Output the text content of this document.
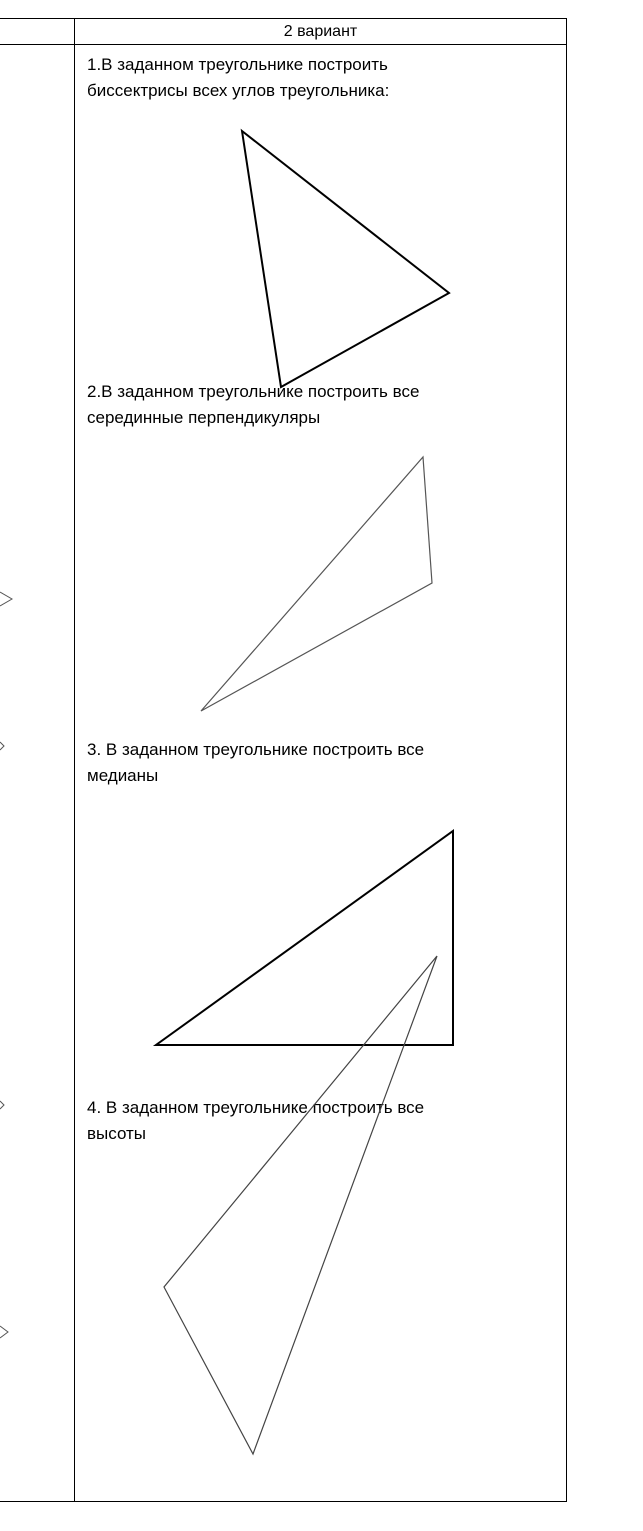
2 вариант
1.В заданном треугольнике построить
биссектрисы всех углов треугольника:
2.В заданном треугольнике построить все
серединные перпендикуляры
3. В заданном треугольнике построить все
медианы
4. В заданном треугольнике построить все
высоты
